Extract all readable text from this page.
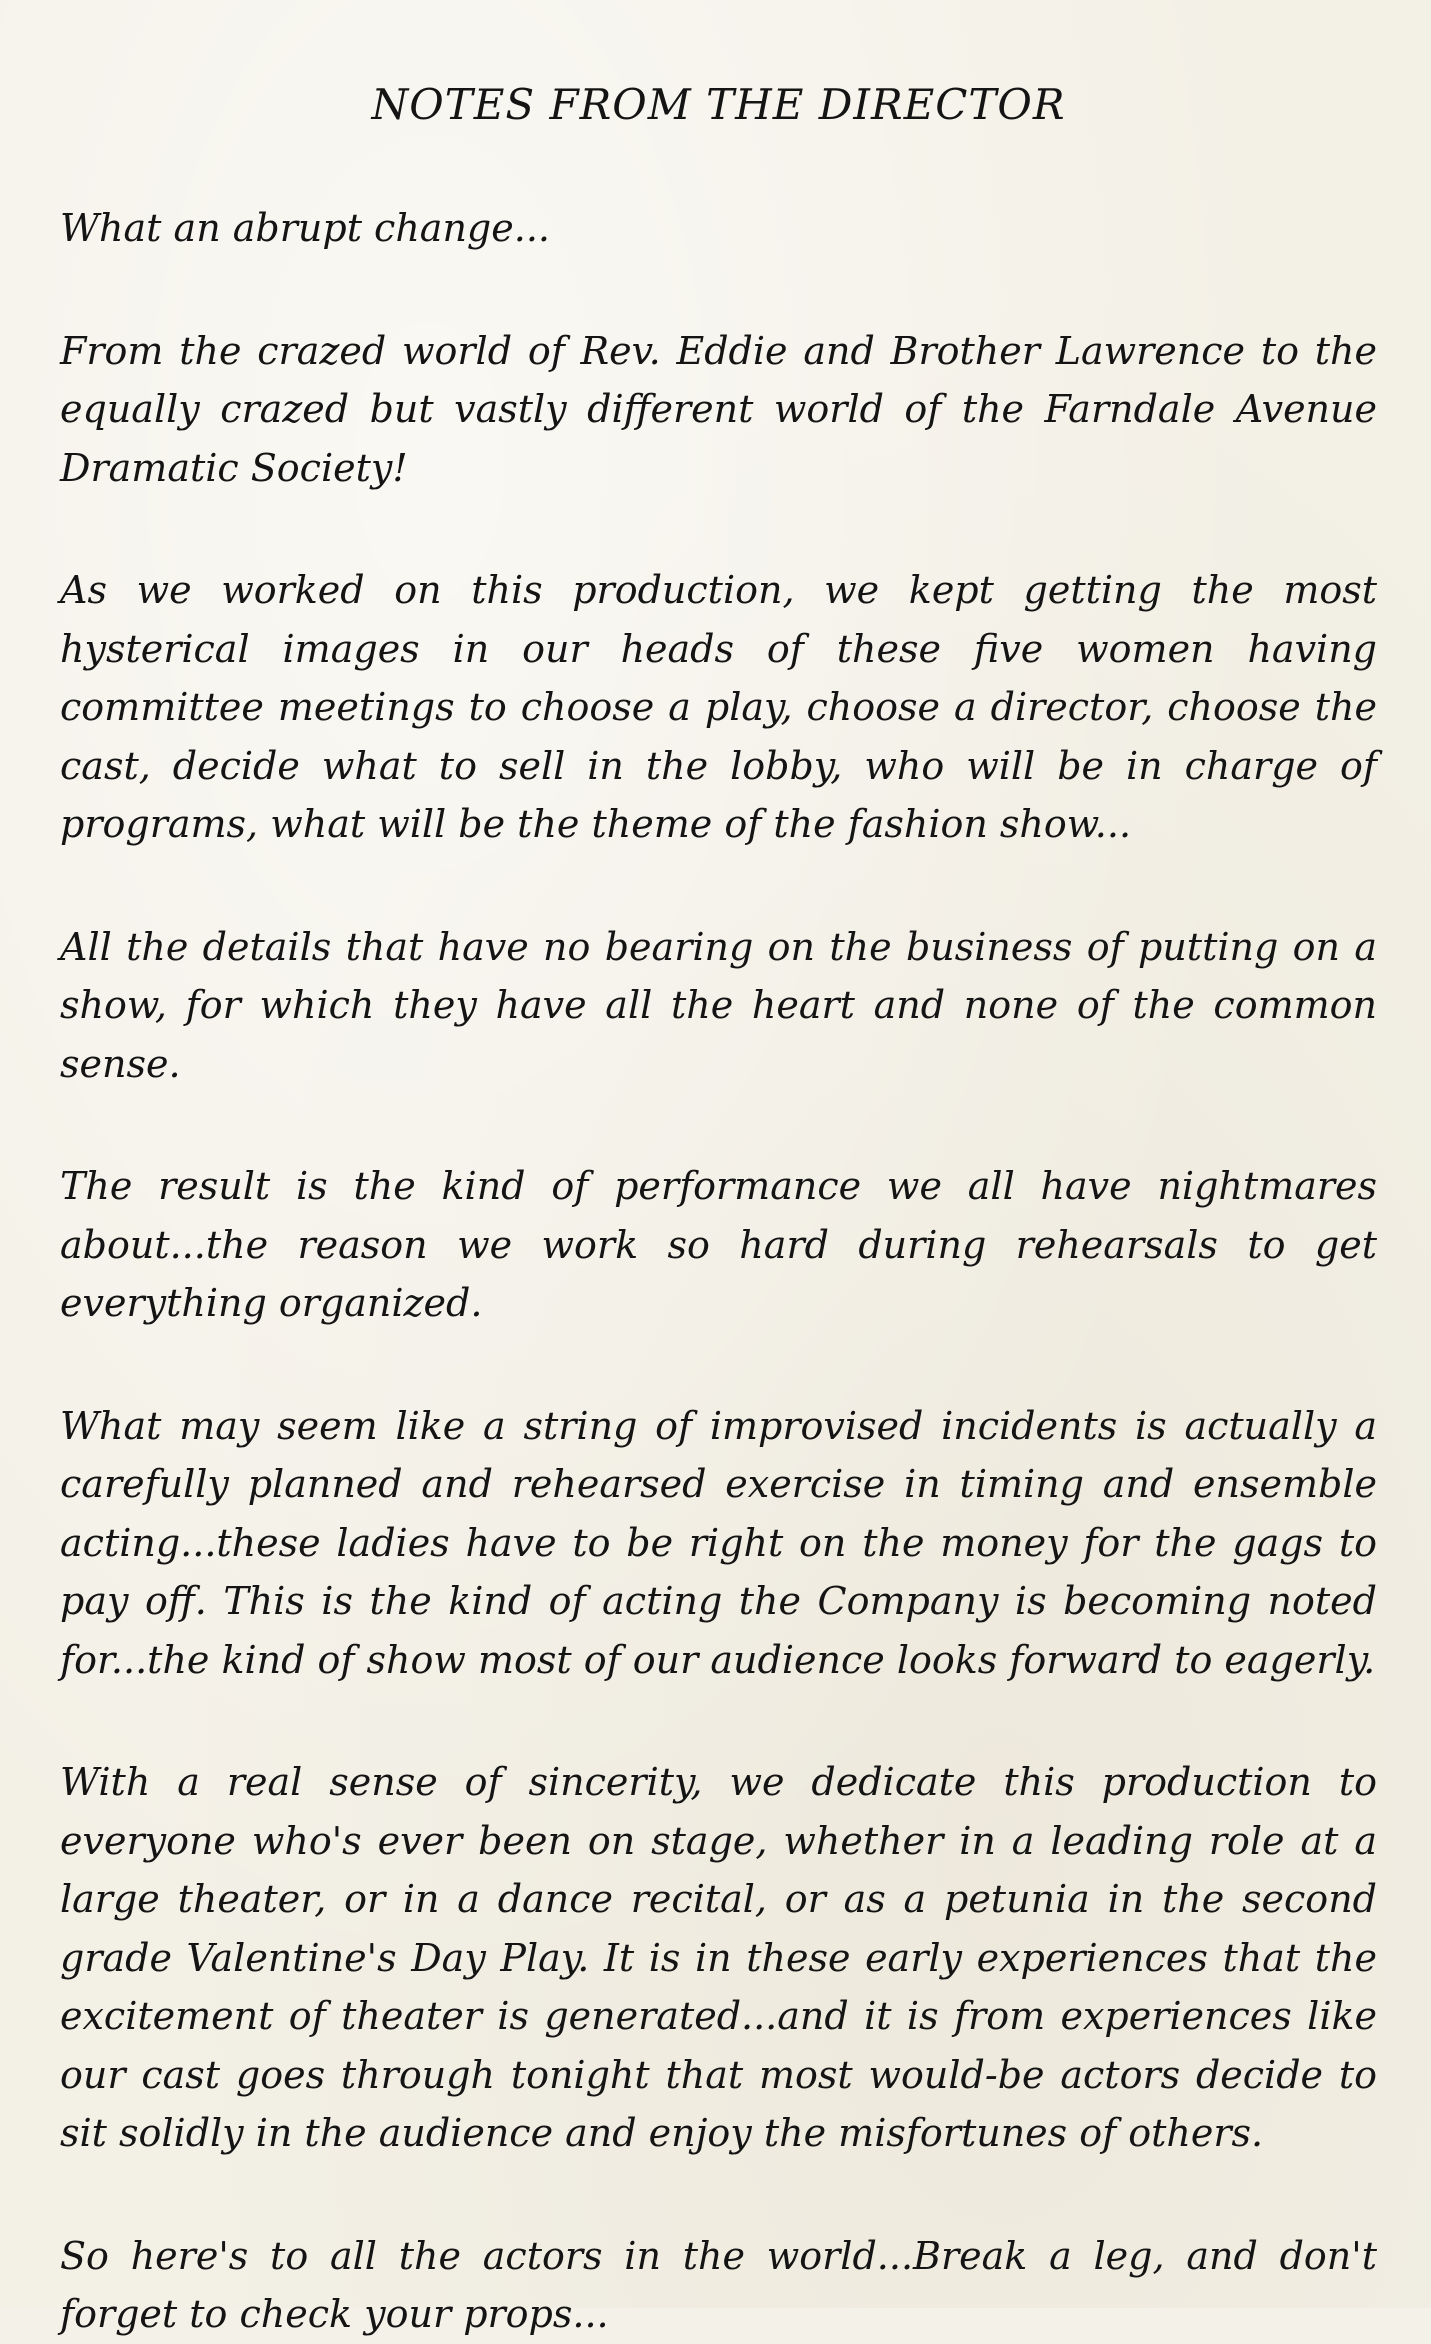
NOTES FROM THE DIRECTOR

What an abrupt change...

From the crazed world of Rev. Eddie and Brother Lawrence to the equally crazed but vastly different world of the Farndale Avenue Dramatic Society!

As we worked on this production, we kept getting the most hysterical images in our heads of these five women having committee meetings to choose a play, choose a director, choose the cast, decide what to sell in the lobby, who will be in charge of programs, what will be the theme of the fashion show...

All the details that have no bearing on the business of putting on a show, for which they have all the heart and none of the common sense.

The result is the kind of performance we all have nightmares about...the reason we work so hard during rehearsals to get everything organized.

What may seem like a string of improvised incidents is actually a carefully planned and rehearsed exercise in timing and ensemble acting...these ladies have to be right on the money for the gags to pay off. This is the kind of acting the Company is becoming noted for...the kind of show most of our audience looks forward to eagerly.

With a real sense of sincerity, we dedicate this production to everyone who's ever been on stage, whether in a leading role at a large theater, or in a dance recital, or as a petunia in the second grade Valentine's Day Play. It is in these early experiences that the excitement of theater is generated...and it is from experiences like our cast goes through tonight that most would-be actors decide to sit solidly in the audience and enjoy the misfortunes of others.

So here's to all the actors in the world...Break a leg, and don't forget to check your props...
